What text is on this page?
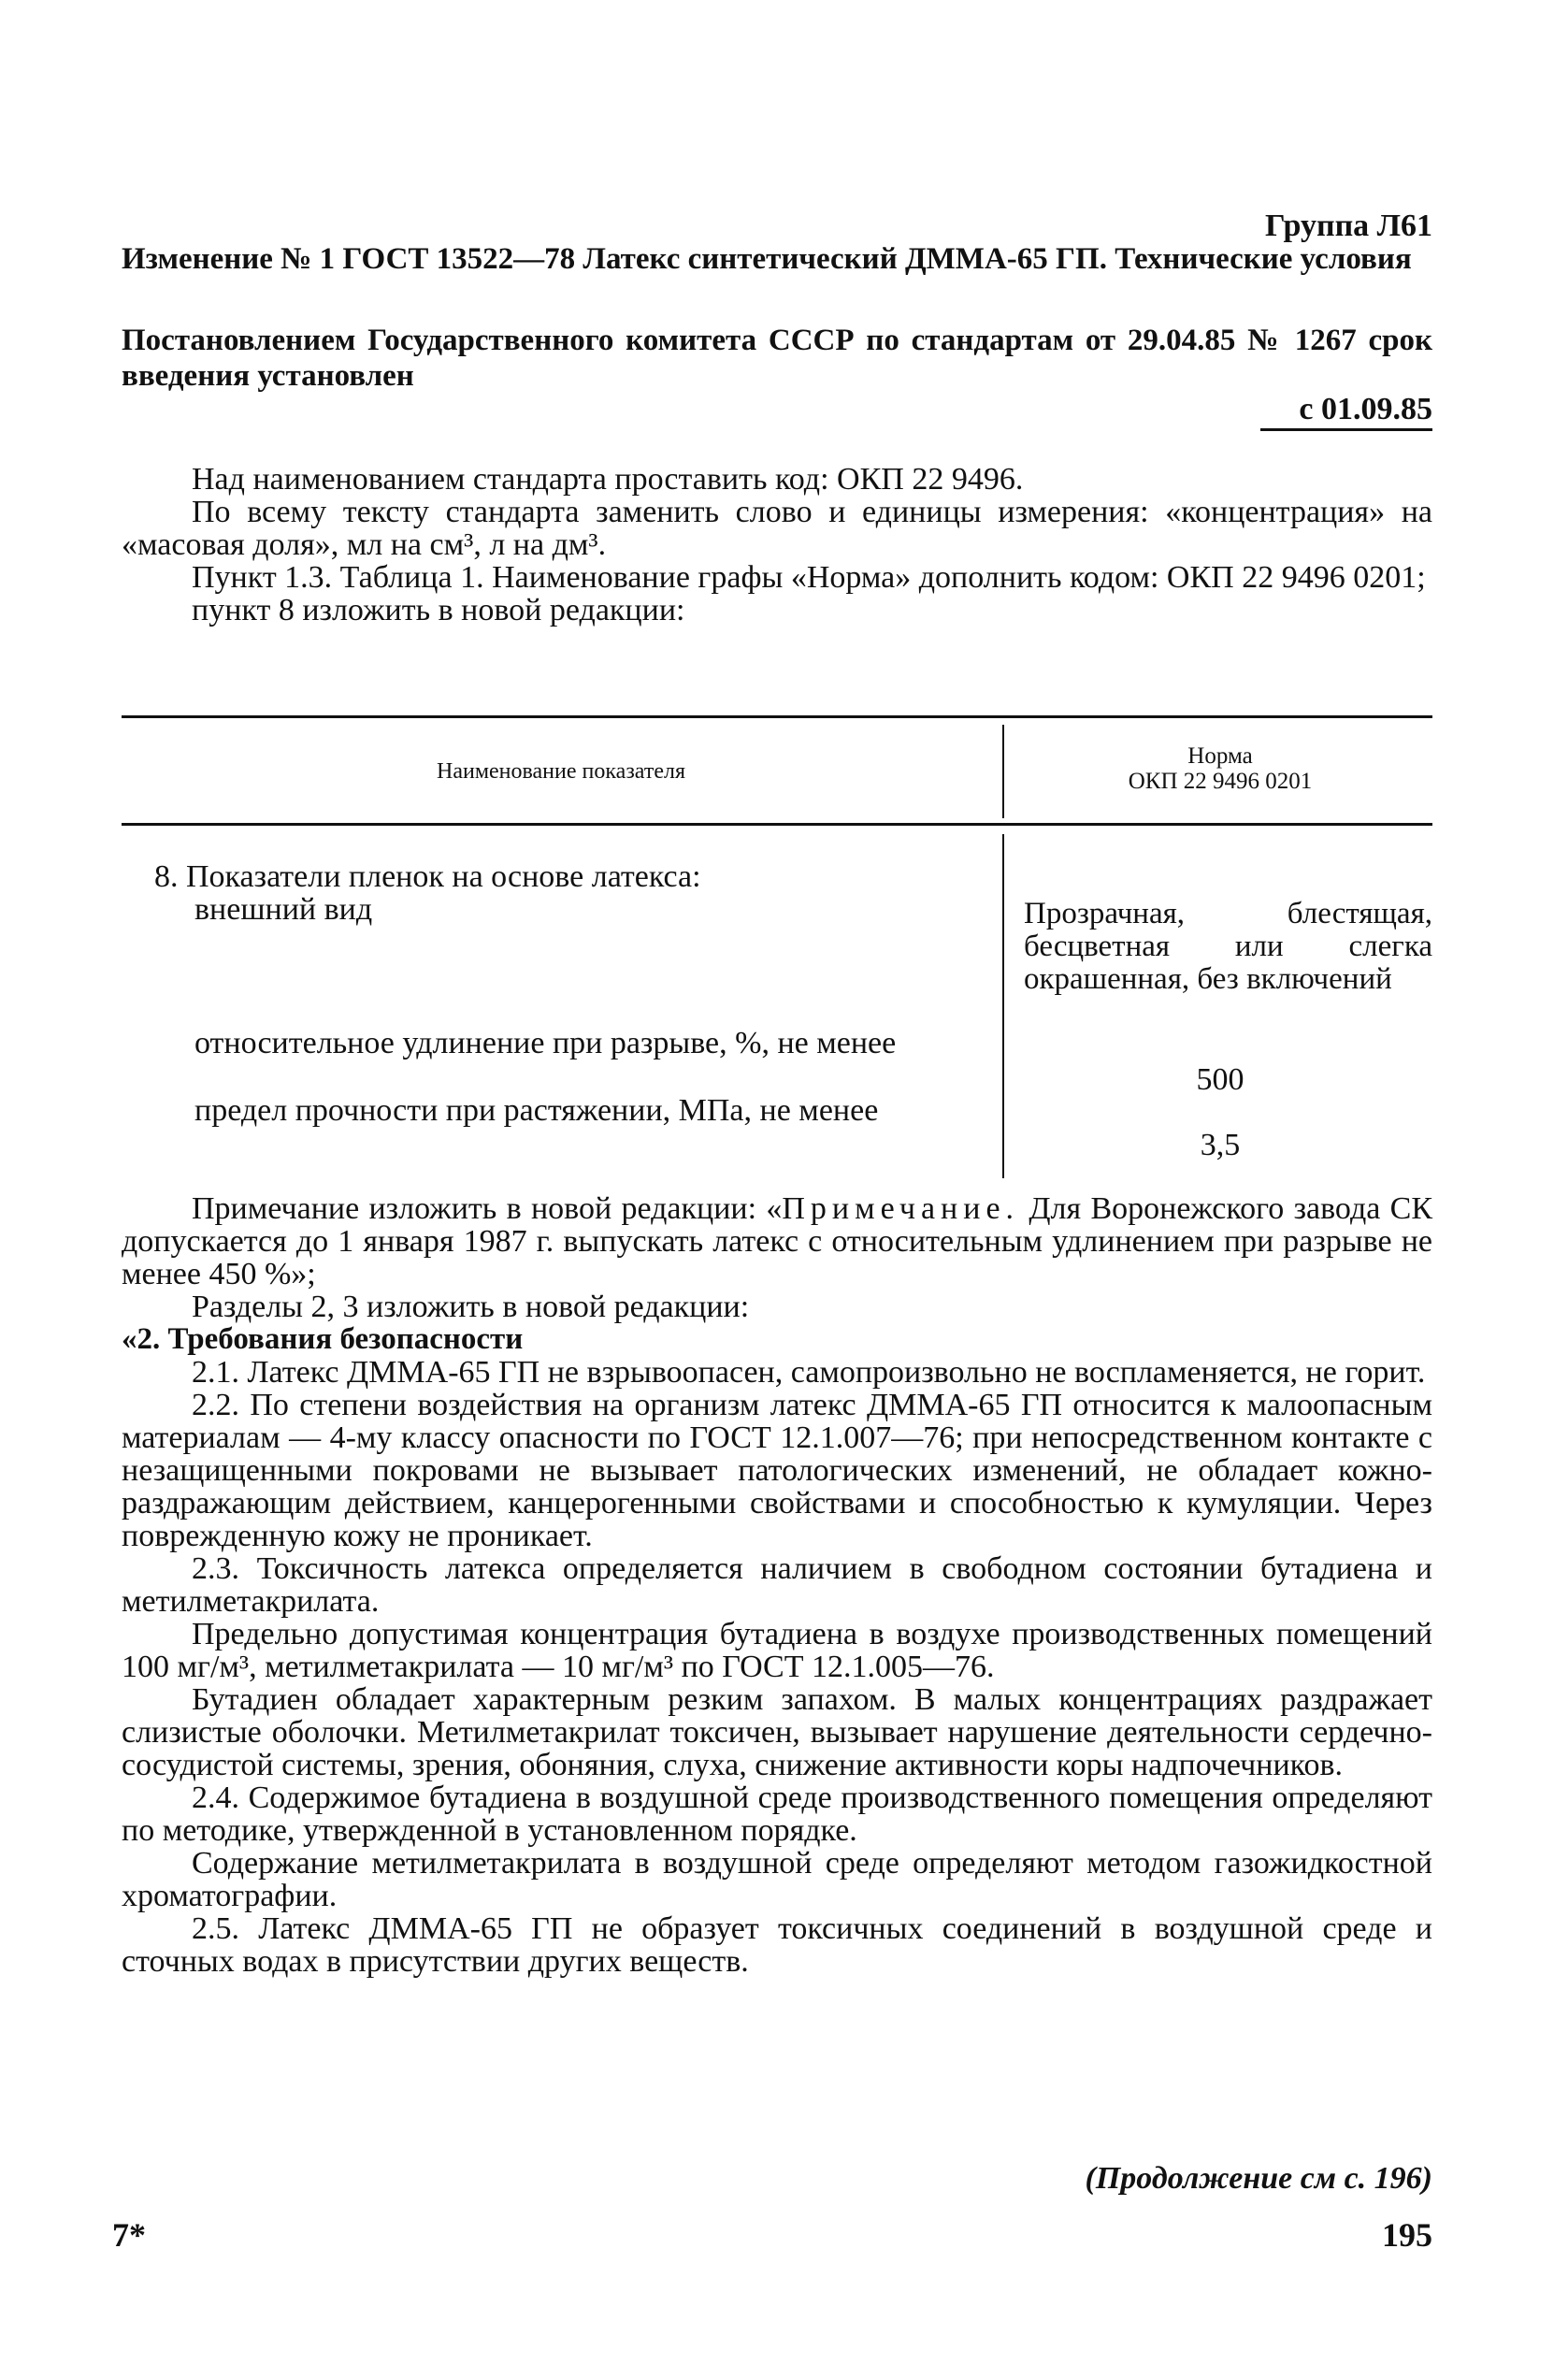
Группа Л61
Изменение № 1 ГОСТ 13522—78 Латекс синтетический ДММА-65 ГП. Технические условия
Постановлением Государственного комитета СССР по стандартам от 29.04.85 № 1267 срок введения установлен
с 01.09.85

Над наименованием стандарта проставить код: ОКП 22 9496.

По всему тексту стандарта заменить слово и единицы измерения: «концентрация» на «масовая доля», мл на см³, л на дм³.

Пункт 1.3. Таблица 1. Наименование графы «Норма» дополнить кодом: ОКП 22 9496 0201;

пункт 8 изложить в новой редакции:

Наименование показателя
Норма
ОКП 22 9496 0201
8. Показатели пленок на основе латекса:
внешний вид	Прозрачная, блестящая, бесцветная или слегка окрашенная, без включений
относительное удлинение при разрыве, %, не менее
500
предел прочности при растяжении, МПа, не менее
3,5

Примечание изложить в новой редакции: «Примечание. Для Воронежского завода СК допускается до 1 января 1987 г. выпускать латекс с относительным удлинением при разрыве не менее 450 %»;

Разделы 2, 3 изложить в новой редакции:

«2. Требования безопасности

2.1. Латекс ДММА-65 ГП не взрывоопасен, самопроизвольно не воспламеняется, не горит.

2.2. По степени воздействия на организм латекс ДММА-65 ГП относится к малоопасным материалам — 4-му классу опасности по ГОСТ 12.1.007—76; при непосредственном контакте с незащищенными покровами не вызывает патологических изменений, не обладает кожно-раздражающим действием, канцерогенными свойствами и способностью к кумуляции. Через поврежденную кожу не проникает.

2.3. Токсичность латекса определяется наличием в свободном состоянии бутадиена и метилметакрилата.

Предельно допустимая концентрация бутадиена в воздухе производственных помещений 100 мг/м³, метилметакрилата — 10 мг/м³ по ГОСТ 12.1.005—76.

Бутадиен обладает характерным резким запахом. В малых концентрациях раздражает слизистые оболочки. Метилметакрилат токсичен, вызывает нарушение деятельности сердечно-сосудистой системы, зрения, обоняния, слуха, снижение активности коры надпочечников.

2.4. Содержимое бутадиена в воздушной среде производственного помещения определяют по методике, утвержденной в установленном порядке.

Содержание метилметакрилата в воздушной среде определяют методом газожидкостной хроматографии.

2.5. Латекс ДММА-65 ГП не образует токсичных соединений в воздушной среде и сточных водах в присутствии других веществ.

(Продолжение см с. 196)
7*	195
